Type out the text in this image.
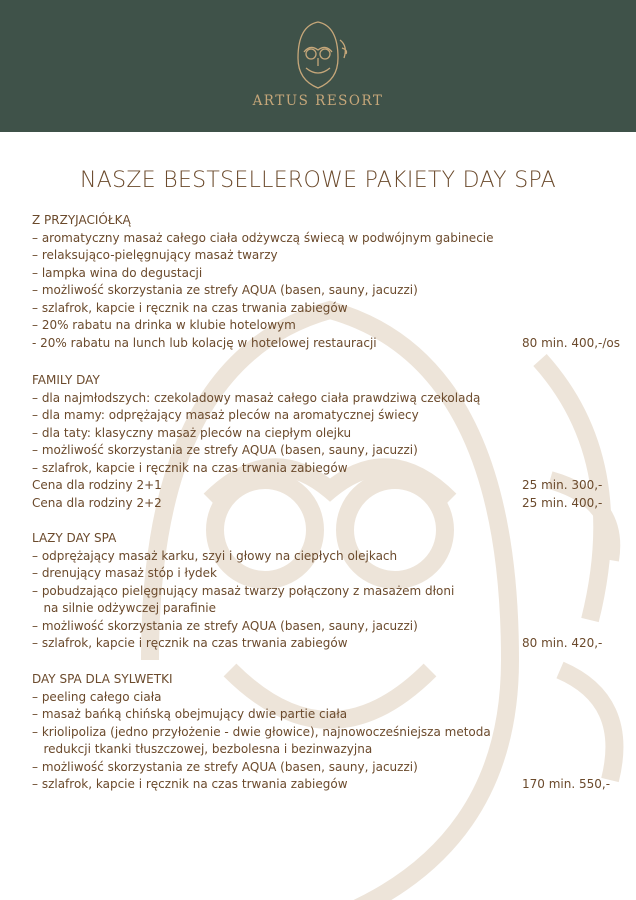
ARTUS RESORT
NASZE BESTSELLEROWE PAKIETY DAY SPA
Z PRZYJACIÓŁKĄ
– aromatyczny masaż całego ciała odżywczą świecą w podwójnym gabinecie
– relaksująco-pielęgnujący masaż twarzy
– lampka wina do degustacji
– możliwość skorzystania ze strefy AQUA (basen, sauny, jacuzzi)
– szlafrok, kapcie i ręcznik na czas trwania zabiegów
– 20% rabatu na drinka w klubie hotelowym
- 20% rabatu na lunch lub kolację w hotelowej restauracji	80 min. 400,-/os
FAMILY DAY
– dla najmłodszych: czekoladowy masaż całego ciała prawdziwą czekoladą
– dla mamy: odprężający masaż pleców na aromatycznej świecy
– dla taty: klasyczny masaż pleców na ciepłym olejku
– możliwość skorzystania ze strefy AQUA (basen, sauny, jacuzzi)
– szlafrok, kapcie i ręcznik na czas trwania zabiegów
Cena dla rodziny 2+1	25 min. 300,-
Cena dla rodziny 2+2	25 min. 400,-
LAZY DAY SPA
– odprężający masaż karku, szyi i głowy na ciepłych olejkach
– drenujący masaż stóp i łydek
– pobudzająco pielęgnujący masaż twarzy połączony z masażem dłoni
na silnie odżywczej parafinie
– możliwość skorzystania ze strefy AQUA (basen, sauny, jacuzzi)
– szlafrok, kapcie i ręcznik na czas trwania zabiegów	80 min. 420,-
DAY SPA DLA SYLWETKI
– peeling całego ciała
– masaż bańką chińską obejmujący dwie partie ciała
– kriolipoliza (jedno przyłożenie - dwie głowice), najnowocześniejsza metoda
redukcji tkanki tłuszczowej, bezbolesna i bezinwazyjna
– możliwość skorzystania ze strefy AQUA (basen, sauny, jacuzzi)
– szlafrok, kapcie i ręcznik na czas trwania zabiegów	170 min. 550,-
